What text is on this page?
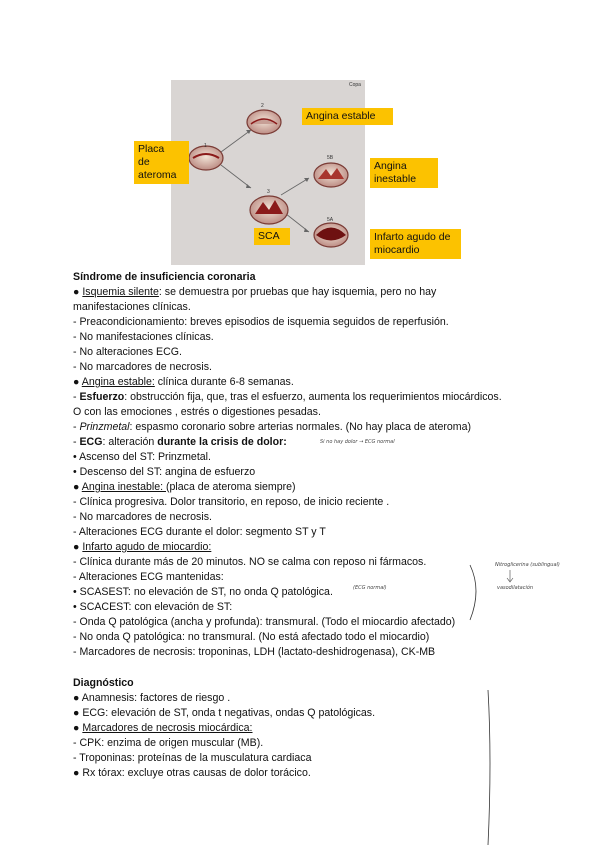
1
2
3
5B
5A
Copa
Placa
de
ateroma
Angina estable
Angina
inestable
SCA	Infarto agudo de
miocardio
Síndrome de insuficiencia coronaria
● Isquemia silente: se demuestra por pruebas que hay isquemia, pero no hay
manifestaciones clínicas.
- Preacondicionamiento: breves episodios de isquemia seguidos de reperfusión.
- No manifestaciones clínicas.
- No alteraciones ECG.
- No marcadores de necrosis.
● Angina estable: clínica durante 6-8 semanas.
- Esfuerzo: obstrucción fija, que, tras el esfuerzo, aumenta los requerimientos miocárdicos.
O con las emociones , estrés o digestiones pesadas.
- Prinzmetal: espasmo coronario sobre arterias normales. (No hay placa de ateroma)
- ECG: alteración durante la crisis de dolor:
• Ascenso del ST: Prinzmetal.
• Descenso del ST: angina de esfuerzo
● Angina inestable: (placa de ateroma siempre)
- Clínica progresiva. Dolor transitorio, en reposo, de inicio reciente .
- No marcadores de necrosis.
- Alteraciones ECG durante el dolor: segmento ST y T
● Infarto agudo de miocardio:
- Clínica durante más de 20 minutos. NO se calma con reposo ni fármacos.
- Alteraciones ECG mantenidas:
• SCASEST: no elevación de ST, no onda Q patológica.
• SCACEST: con elevación de ST:
- Onda Q patológica (ancha y profunda): transmural. (Todo el miocardio afectado)
- No onda Q patológica: no transmural. (No está afectado todo el miocardio)
- Marcadores de necrosis: troponinas, LDH (lactato-deshidrogenasa), CK-MB
Diagnóstico
● Anamnesis: factores de riesgo .
● ECG: elevación de ST, onda t negativas, ondas Q patológicas.
● Marcadores de necrosis miocárdica:
- CPK: enzima de origen muscular (MB).
- Troponinas: proteínas de la musculatura cardiaca
● Rx tórax: excluye otras causas de dolor torácico.
Si no hay dolor → ECG normal
(ECG normal)
Nitroglicerina (sublingual)
vasodilatación
